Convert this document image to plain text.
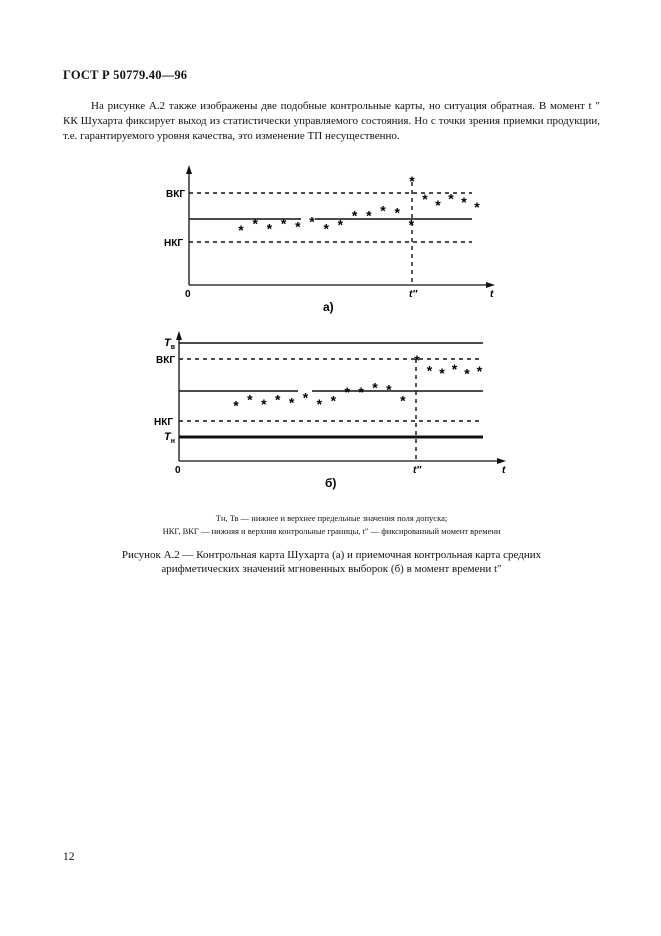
ГОСТ Р 50779.40—96

На рисунке А.2 также изображены две подобные контрольные карты, но ситуация обратная. В момент t ″ КК Шухарта фиксирует выход из статистически управляемого состояния. Но с точки зрения приемки продукции, т.е. гарантируемого уровня качества, это изменение ТП несущественно.

ВКГ
НКГ
0	t″	t
а)
* * * * * * * *
* * * *
*
*
* * * * *
$Т_в$
ВКГ
НКГ
$Т_н$
0	t″	t
б)
* * * * * * * *
* * * *
*
*
* * * * *

Тн, Тв — нижнее и верхнее предельные значения поля допуска;

НКГ, ВКГ — нижняя и верхняя контрольные границы, t″ — фиксированный момент времени

Рисунок А.2 — Контрольная карта Шухарта (а) и приемочная контрольная карта средних

арифметических значений мгновенных выборок (б) в момент времени t″

12
